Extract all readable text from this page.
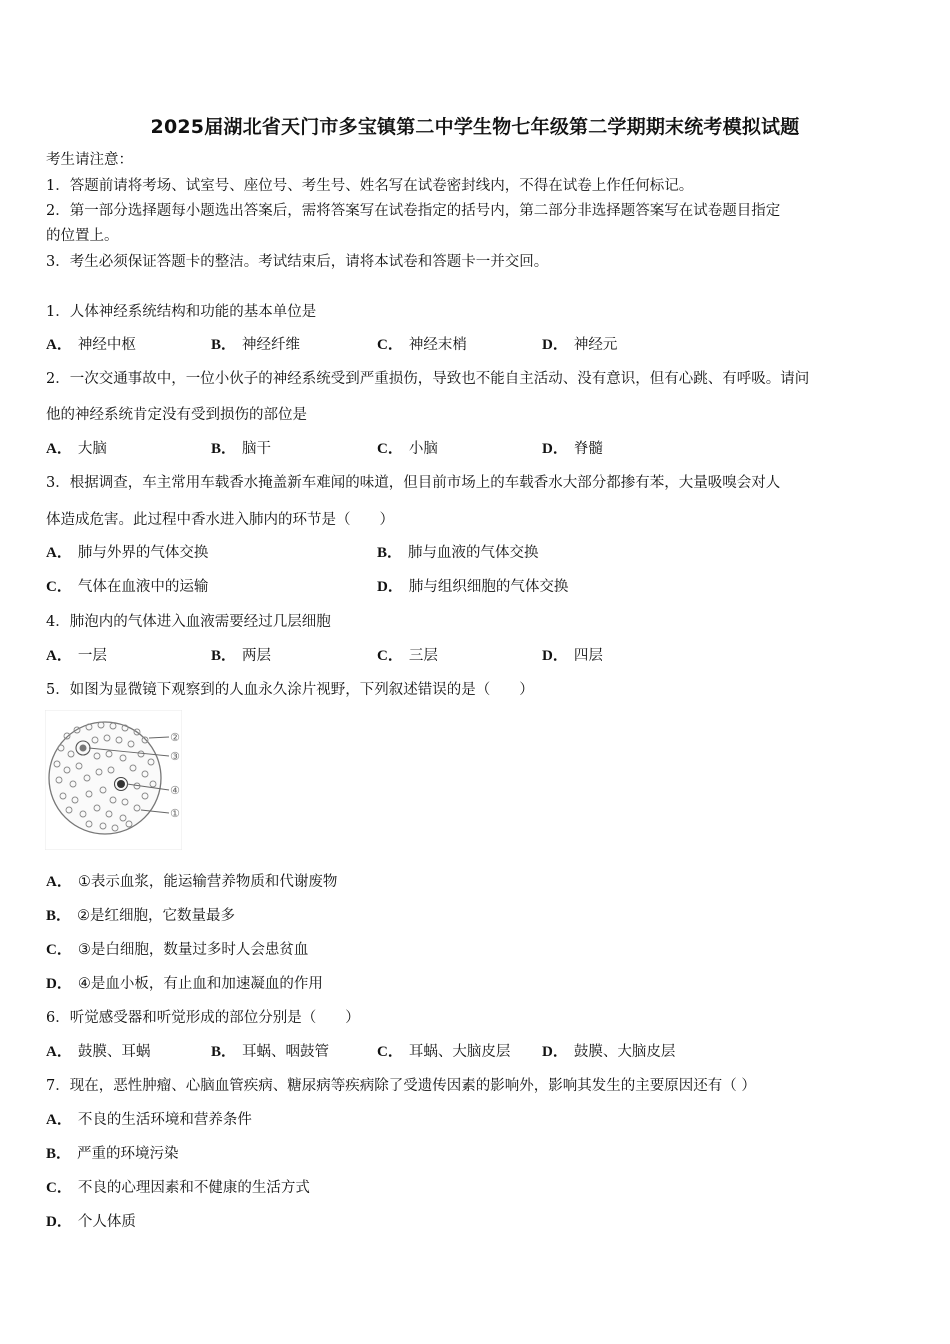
2025届湖北省天门市多宝镇第二中学生物七年级第二学期期末统考模拟试题
考生请注意：
1．答题前请将考场、试室号、座位号、考生号、姓名写在试卷密封线内，不得在试卷上作任何标记。
2．第一部分选择题每小题选出答案后，需将答案写在试卷指定的括号内，第二部分非选择题答案写在试卷题目指定
的位置上。
3．考生必须保证答题卡的整洁。考试结束后，请将本试卷和答题卡一并交回。
1．人体神经系统结构和功能的基本单位是
A． 神经中枢	B． 神经纤维	C． 神经末梢	D． 神经元
2．一次交通事故中，一位小伙子的神经系统受到严重损伤，导致也不能自主活动、没有意识，但有心跳、有呼吸。请问
他的神经系统肯定没有受到损伤的部位是
A． 大脑	B． 脑干	C． 小脑	D． 脊髓
3．根据调查，车主常用车载香水掩盖新车难闻的味道，但目前市场上的车载香水大部分都掺有苯，大量吸嗅会对人
体造成危害。此过程中香水进入肺内的环节是（　　）
A． 肺与外界的气体交换	B． 肺与血液的气体交换
C． 气体在血液中的运输	D． 肺与组织细胞的气体交换
4．肺泡内的气体进入血液需要经过几层细胞
A． 一层	B． 两层	C． 三层	D． 四层
5．如图为显微镜下观察到的人血永久涂片视野，下列叙述错误的是（　　）
②
③
④
①
A． ①表示血浆，能运输营养物质和代谢废物
B． ②是红细胞，它数量最多
C． ③是白细胞，数量过多时人会患贫血
D． ④是血小板，有止血和加速凝血的作用
6．听觉感受器和听觉形成的部位分别是（　　）
A． 鼓膜、耳蜗	B． 耳蜗、咽鼓管	C． 耳蜗、大脑皮层 D． 鼓膜、大脑皮层
7．现在，恶性肿瘤、心脑血管疾病、糖尿病等疾病除了受遗传因素的影响外，影响其发生的主要原因还有（ ）
A． 不良的生活环境和营养条件
B． 严重的环境污染
C． 不良的心理因素和不健康的生活方式
D． 个人体质
